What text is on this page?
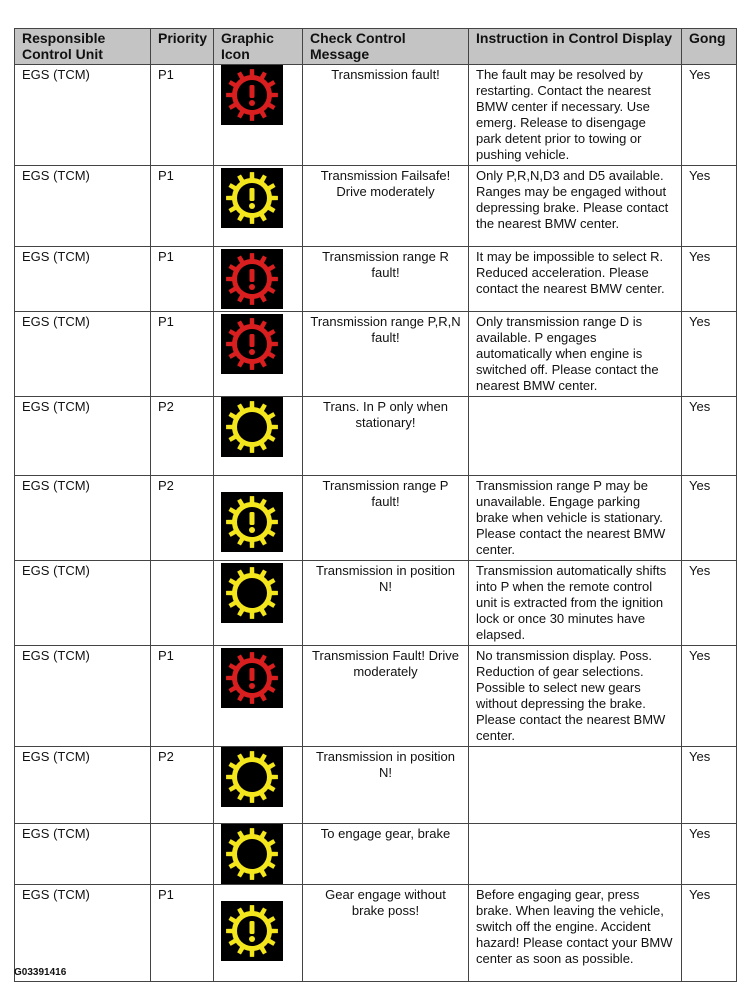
Responsible Control Unit	Priority	Graphic Icon	Check Control Message	Instruction in Control Display	Gong
EGS (TCM)	P1		Transmission fault!	The fault may be resolved by restarting. Contact the nearest BMW center if necessary. Use emerg. Release to disengage park detent prior to towing or pushing vehicle.	Yes
EGS (TCM)	P1		Transmission Failsafe! Drive moderately	Only P,R,N,D3 and D5 available. Ranges may be engaged without depressing brake. Please contact the nearest BMW center.	Yes
EGS (TCM)	P1		Transmission range R fault!	It may be impossible to select R. Reduced acceleration. Please contact the nearest BMW center.	Yes
EGS (TCM)	P1		Transmission range P,R,N fault!	Only transmission range D is available. P engages automatically when engine is switched off. Please contact the nearest BMW center.	Yes
EGS (TCM)	P2		Trans. In P only when stationary!		Yes
EGS (TCM)	P2		Transmission range P fault!	Transmission range P may be unavailable. Engage parking brake when vehicle is stationary. Please contact the nearest BMW center.	Yes
EGS (TCM)			Transmission in position N!	Transmission automatically shifts into P when the remote control unit is extracted from the ignition lock or once 30 minutes have elapsed.	Yes
EGS (TCM)	P1		Transmission Fault! Drive moderately	No transmission display. Poss. Reduction of gear selections. Possible to select new gears without depressing the brake. Please contact the nearest BMW center.	Yes
EGS (TCM)	P2		Transmission in position N!		Yes
EGS (TCM)			To engage gear, brake		Yes
EGS (TCM)	P1		Gear engage without brake poss!	Before engaging gear, press brake. When leaving the vehicle, switch off the engine. Accident hazard! Please contact your BMW center as soon as possible.	Yes
G03391416
